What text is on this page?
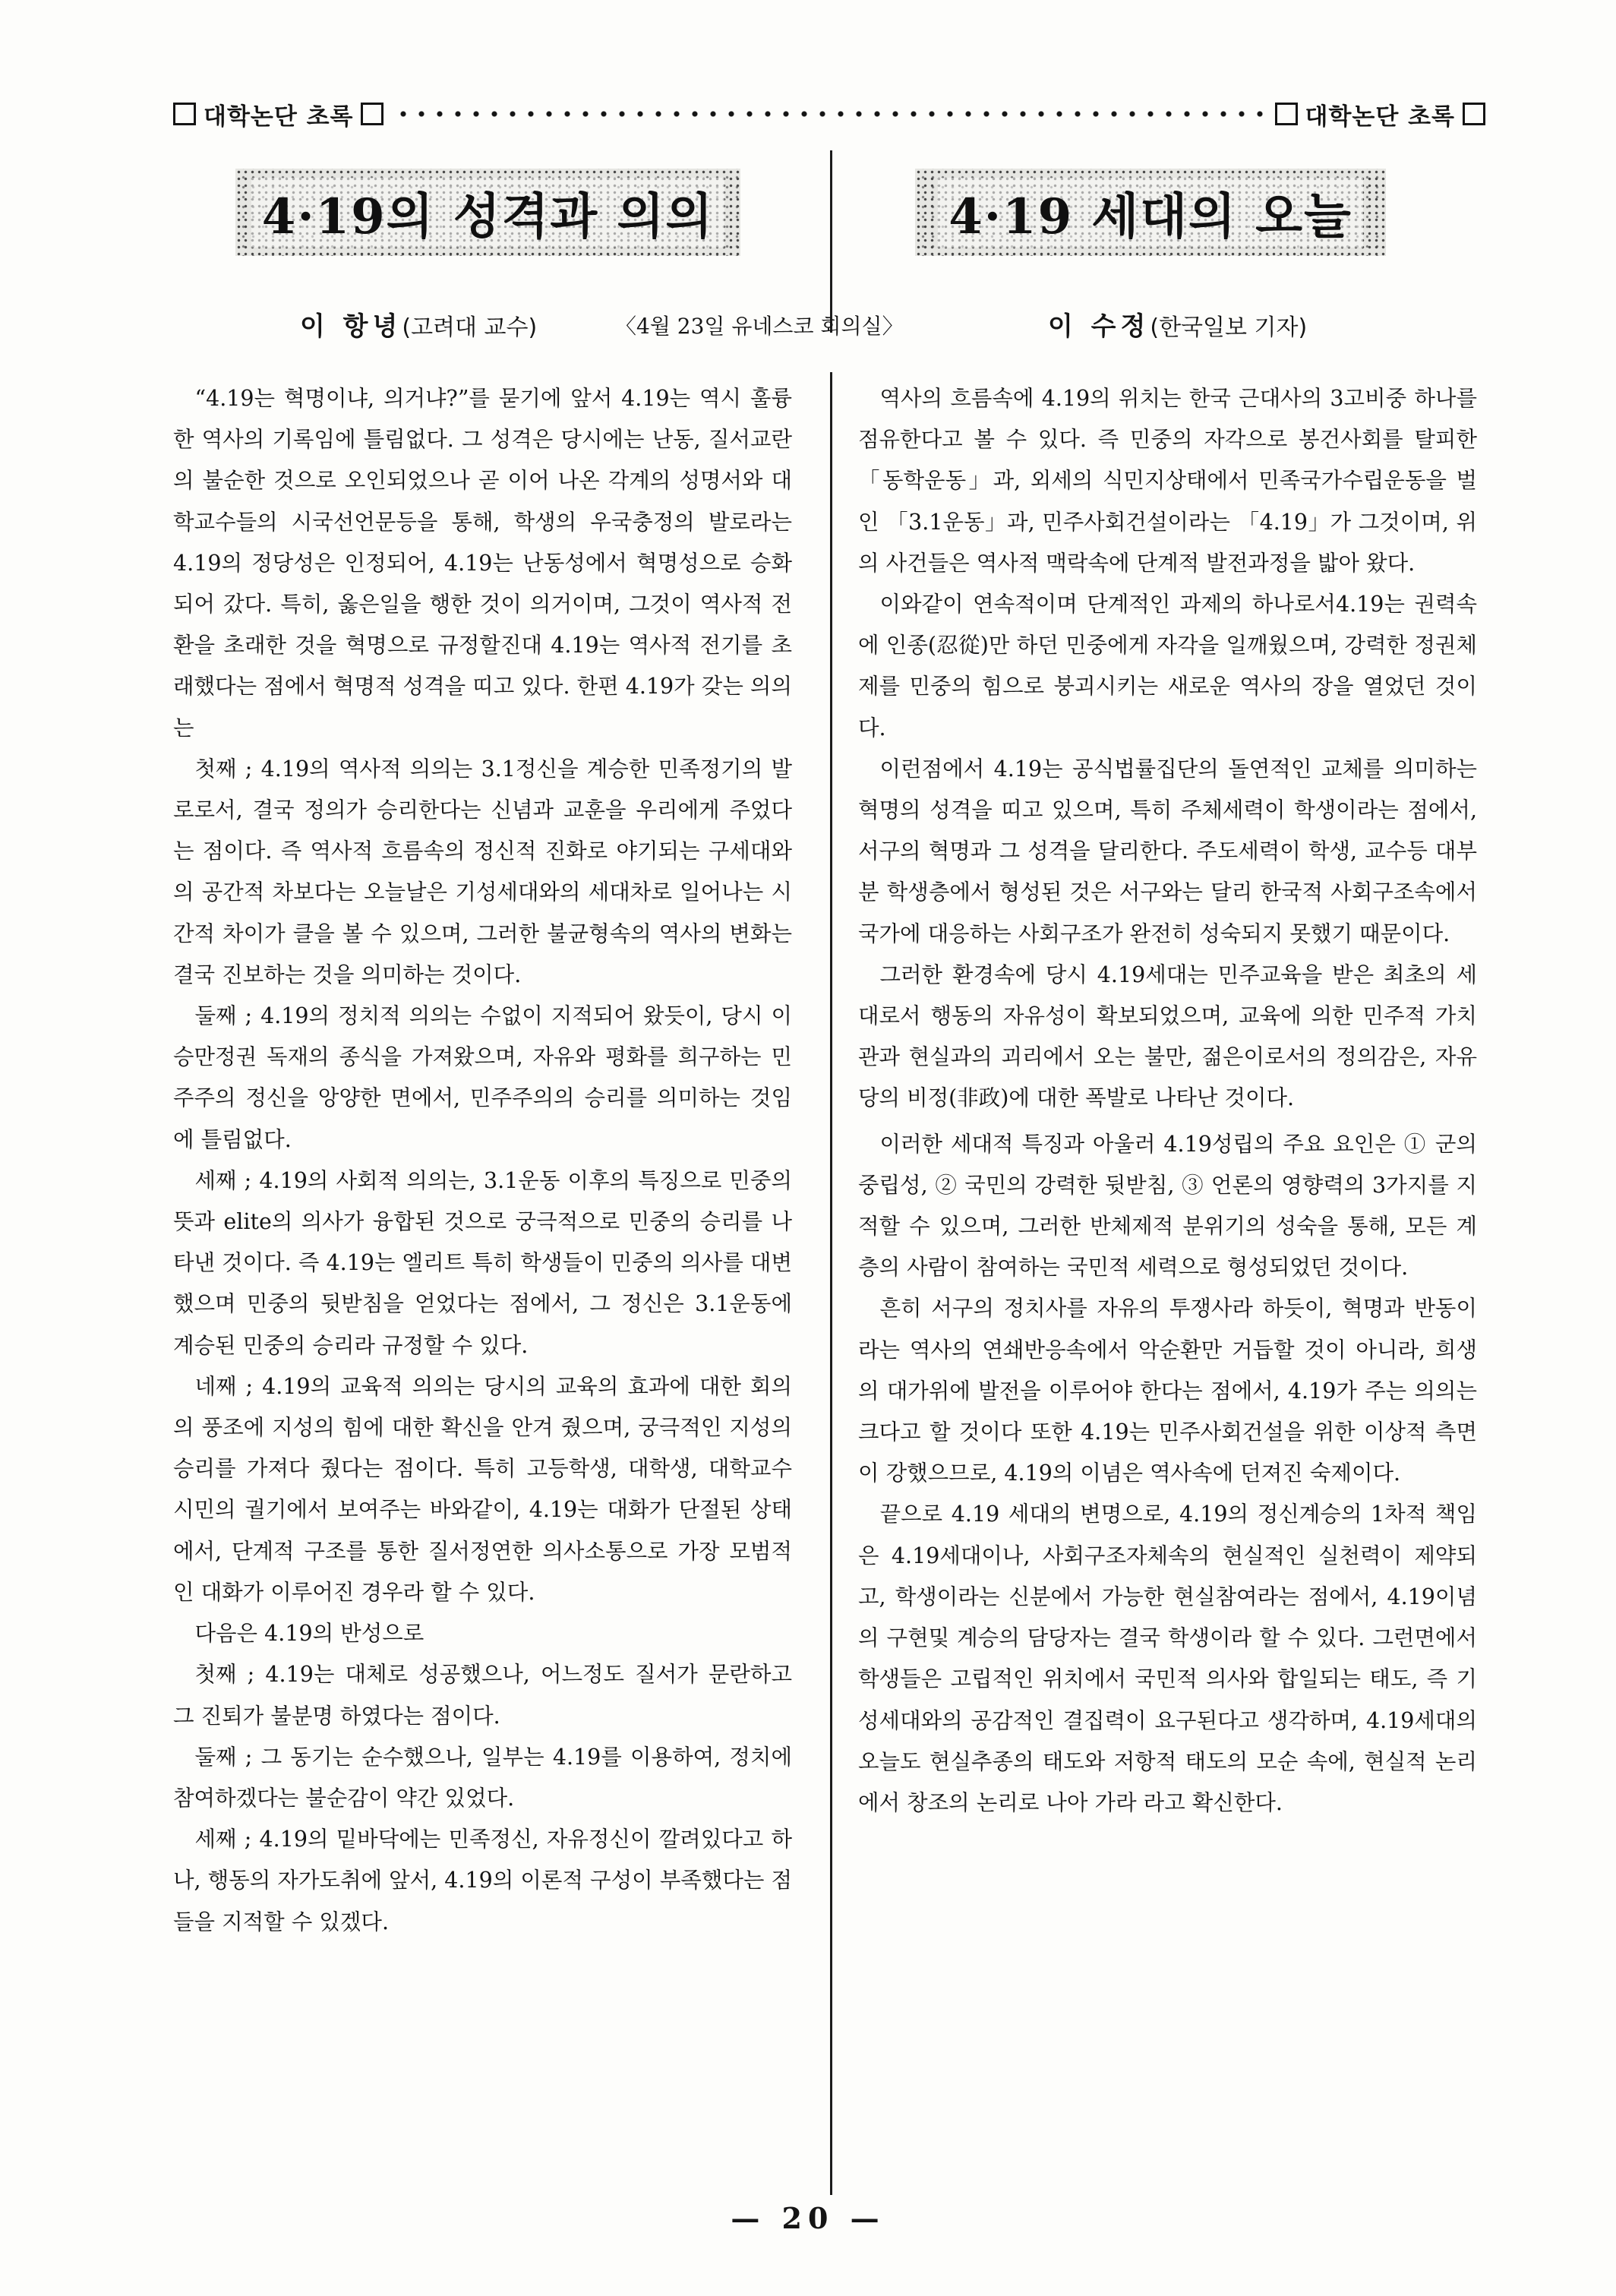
대학논단 초록	대학논단 초록
4·19의 성격과 의의	4·19 세대의 오늘
이 항녕(고려대 교수)	〈4월 23일 유네스코 회의실〉	이 수정(한국일보 기자)

“4.19는 혁명이냐, 의거냐?”를 묻기에 앞서 4.19는 역시 훌륭한 역사의 기록임에 틀림없다. 그 성격은 당시에는 난동, 질서교란의 불순한 것으로 오인되었으나 곧 이어 나온 각계의 성명서와 대학교수들의 시국선언문등을 통해, 학생의 우국충정의 발로라는 4.19의 정당성은 인정되어, 4.19는 난동성에서 혁명성으로 승화되어 갔다. 특히, 옳은일을 행한 것이 의거이며, 그것이 역사적 전환을 초래한 것을 혁명으로 규정할진대 4.19는 역사적 전기를 초래했다는 점에서 혁명적 성격을 띠고 있다. 한편 4.19가 갖는 의의는

첫째 ; 4.19의 역사적 의의는 3.1정신을 계승한 민족정기의 발로로서, 결국 정의가 승리한다는 신념과 교훈을 우리에게 주었다는 점이다. 즉 역사적 흐름속의 정신적 진화로 야기되는 구세대와의 공간적 차보다는 오늘날은 기성세대와의 세대차로 일어나는 시간적 차이가 클을 볼 수 있으며, 그러한 불균형속의 역사의 변화는 결국 진보하는 것을 의미하는 것이다.

둘째 ; 4.19의 정치적 의의는 수없이 지적되어 왔듯이, 당시 이승만정권 독재의 종식을 가져왔으며, 자유와 평화를 희구하는 민주주의 정신을 앙양한 면에서, 민주주의의 승리를 의미하는 것임에 틀림없다.

세째 ; 4.19의 사회적 의의는, 3.1운동 이후의 특징으로 민중의 뜻과 elite의 의사가 융합된 것으로 궁극적으로 민중의 승리를 나타낸 것이다. 즉 4.19는 엘리트 특히 학생들이 민중의 의사를 대변했으며 민중의 뒷받침을 얻었다는 점에서, 그 정신은 3.1운동에 계승된 민중의 승리라 규정할 수 있다.

네째 ; 4.19의 교육적 의의는 당시의 교육의 효과에 대한 회의의 풍조에 지성의 힘에 대한 확신을 안겨 줬으며, 궁극적인 지성의 승리를 가져다 줬다는 점이다. 특히 고등학생, 대학생, 대학교수 시민의 궐기에서 보여주는 바와같이, 4.19는 대화가 단절된 상태에서, 단계적 구조를 통한 질서정연한 의사소통으로 가장 모범적인 대화가 이루어진 경우라 할 수 있다.

다음은 4.19의 반성으로

첫째 ; 4.19는 대체로 성공했으나, 어느정도 질서가 문란하고 그 진퇴가 불분명 하였다는 점이다.

둘째 ; 그 동기는 순수했으나, 일부는 4.19를 이용하여, 정치에 참여하겠다는 불순감이 약간 있었다.

세째 ; 4.19의 밑바닥에는 민족정신, 자유정신이 깔려있다고 하나, 행동의 자가도취에 앞서, 4.19의 이론적 구성이 부족했다는 점들을 지적할 수 있겠다.

역사의 흐름속에 4.19의 위치는 한국 근대사의 3고비중 하나를 점유한다고 볼 수 있다. 즉 민중의 자각으로 봉건사회를 탈피한 「동학운동」과, 외세의 식민지상태에서 민족국가수립운동을 벌인 「3.1운동」과, 민주사회건설이라는 「4.19」가 그것이며, 위의 사건들은 역사적 맥락속에 단계적 발전과정을 밟아 왔다.

이와같이 연속적이며 단계적인 과제의 하나로서4.19는 권력속에 인종(忍從)만 하던 민중에게 자각을 일깨웠으며, 강력한 정권체제를 민중의 힘으로 붕괴시키는 새로운 역사의 장을 열었던 것이다.

이런점에서 4.19는 공식법률집단의 돌연적인 교체를 의미하는 혁명의 성격을 띠고 있으며, 특히 주체세력이 학생이라는 점에서, 서구의 혁명과 그 성격을 달리한다. 주도세력이 학생, 교수등 대부분 학생층에서 형성된 것은 서구와는 달리 한국적 사회구조속에서 국가에 대응하는 사회구조가 완전히 성숙되지 못했기 때문이다.

그러한 환경속에 당시 4.19세대는 민주교육을 받은 최초의 세대로서 행동의 자유성이 확보되었으며, 교육에 의한 민주적 가치관과 현실과의 괴리에서 오는 불만, 젊은이로서의 정의감은, 자유당의 비정(非政)에 대한 폭발로 나타난 것이다.

이러한 세대적 특징과 아울러 4.19성립의 주요 요인은 ① 군의 중립성, ② 국민의 강력한 뒷받침, ③ 언론의 영향력의 3가지를 지적할 수 있으며, 그러한 반체제적 분위기의 성숙을 통해, 모든 계층의 사람이 참여하는 국민적 세력으로 형성되었던 것이다.

흔히 서구의 정치사를 자유의 투쟁사라 하듯이, 혁명과 반동이라는 역사의 연쇄반응속에서 악순환만 거듭할 것이 아니라, 희생의 대가위에 발전을 이루어야 한다는 점에서, 4.19가 주는 의의는 크다고 할 것이다 또한 4.19는 민주사회건설을 위한 이상적 측면이 강했으므로, 4.19의 이념은 역사속에 던져진 숙제이다.

끝으로 4.19 세대의 변명으로, 4.19의 정신계승의 1차적 책임은 4.19세대이나, 사회구조자체속의 현실적인 실천력이 제약되고, 학생이라는 신분에서 가능한 현실참여라는 점에서, 4.19이념의 구현및 계승의 담당자는 결국 학생이라 할 수 있다. 그런면에서 학생들은 고립적인 위치에서 국민적 의사와 합일되는 태도, 즉 기성세대와의 공감적인 결집력이 요구된다고 생각하며, 4.19세대의 오늘도 현실추종의 태도와 저항적 태도의 모순 속에, 현실적 논리에서 창조의 논리로 나아 가라 라고 확신한다.

— 20 —
